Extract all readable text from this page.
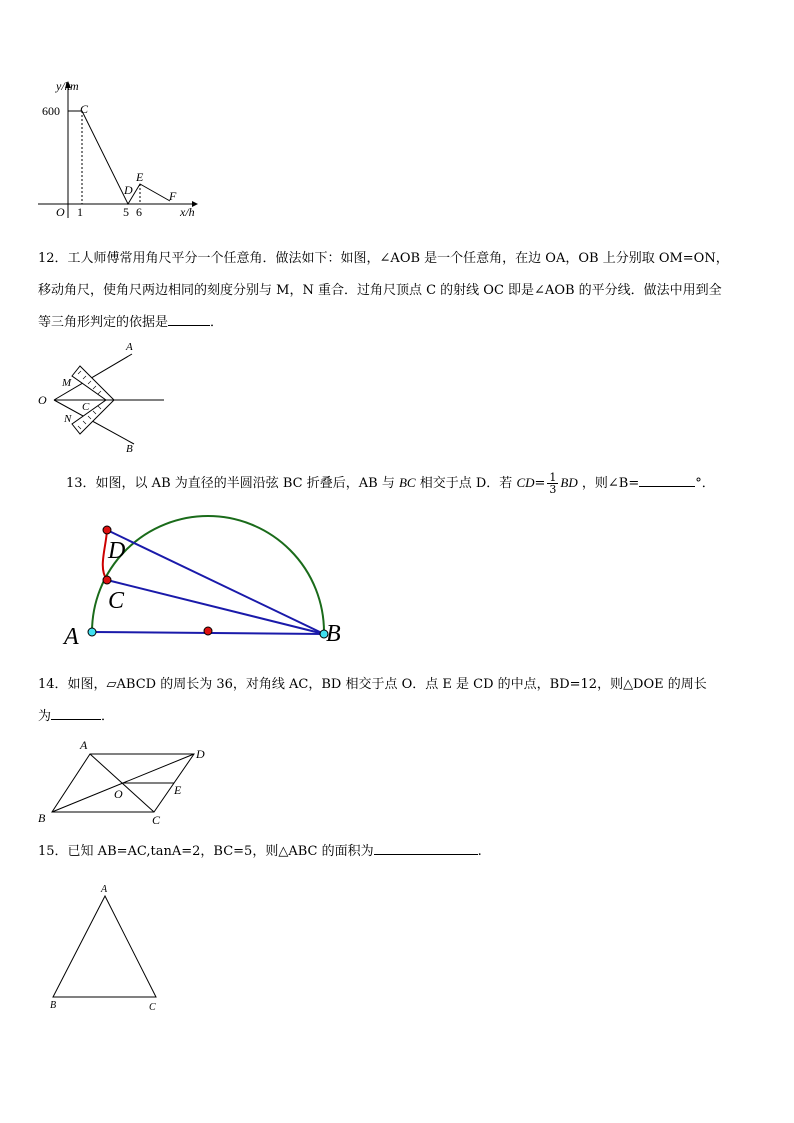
y/km
600 C
D
E
F
O 1	5 6	x/h
12．工人师傅常用角尺平分一个任意角．做法如下：如图，∠AOB 是一个任意角，在边 OA，OB 上分别取 OM=ON，
移动角尺，使角尺两边相同的刻度分别与 M，N 重合．过角尺顶点 C 的射线 OC 即是∠AOB 的平分线．做法中用到全
等三角形判定的依据是	．
A
O
M
C
N
B
13．如图，以 AB 为直径的半圆沿弦 BC 折叠后，AB 与 BC 相交于点 D．若 $CD= \frac{1}{3}$ BD ，则∠B=	°．
A	B
C
D
14．如图，▱ABCD 的周长为 36，对角线 AC，BD 相交于点 O．点 E 是 CD 的中点，BD=12，则△DOE 的周长
为	．
A
D
O	E
B	C
15．已知 AB=AC,tanA=2，BC=5，则△ABC 的面积为	.
A
B	C
